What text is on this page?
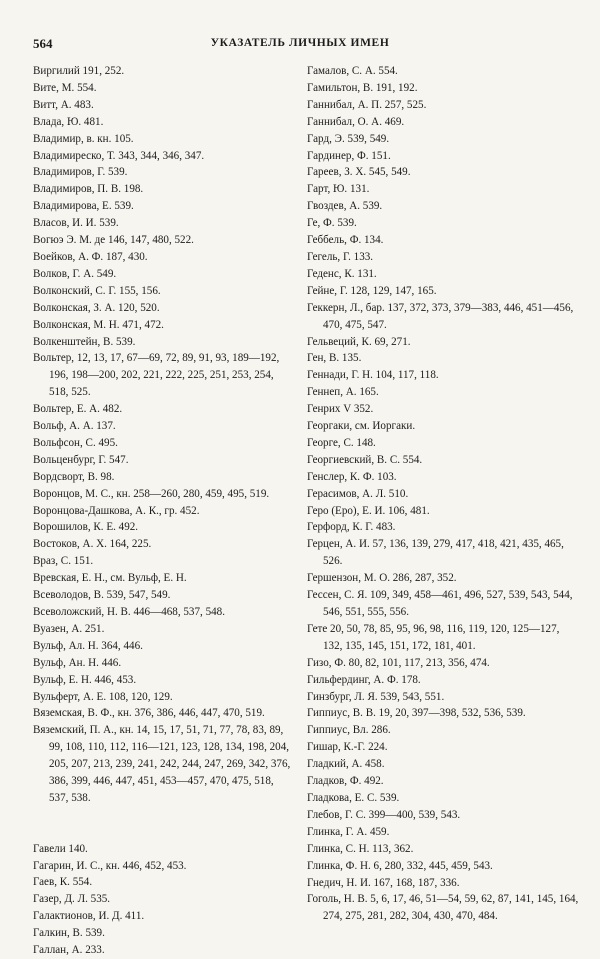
564	УКАЗАТЕЛЬ ЛИЧНЫХ ИМЕН
Виргилий 191, 252.
Вите, М. 554.
Витт, А. 483.
Влада, Ю. 481.
Владимир, в. кн. 105.
Владимиреско, Т. 343, 344, 346, 347.
Владимиров, Г. 539.
Владимиров, П. В. 198.
Владимирова, Е. 539.
Власов, И. И. 539.
Вогюэ Э. М. де 146, 147, 480, 522.
Воейков, А. Ф. 187, 430.
Волков, Г. А. 549.
Волконский, С. Г. 155, 156.
Волконская, З. А. 120, 520.
Волконская, М. Н. 471, 472.
Волкенштейн, В. 539.
Вольтер, 12, 13, 17, 67—69, 72, 89, 91, 93, 189—192, 196, 198—200, 202, 221, 222, 225, 251, 253, 254, 518, 525.
Вольтер, Е. А. 482.
Вольф, А. А. 137.
Вольфсон, С. 495.
Вольценбург, Г. 547.
Вордсворт, В. 98.
Воронцов, М. С., кн. 258—260, 280, 459, 495, 519.
Воронцова-Дашкова, А. К., гр. 452.
Ворошилов, К. Е. 492.
Востоков, А. Х. 164, 225.
Враз, С. 151.
Вревская, Е. Н., см. Вульф, Е. Н.
Всеволодов, В. 539, 547, 549.
Всеволожский, Н. В. 446—468, 537, 548.
Вуазен, А. 251.
Вульф, Ал. Н. 364, 446.
Вульф, Ан. Н. 446.
Вульф, Е. Н. 446, 453.
Вульферт, А. Е. 108, 120, 129.
Вяземская, В. Ф., кн. 376, 386, 446, 447, 470, 519.
Вяземский, П. А., кн. 14, 15, 17, 51, 71, 77, 78, 83, 89, 99, 108, 110, 112, 116—121, 123, 128, 134, 198, 204, 205, 207, 213, 239, 241, 242, 244, 247, 269, 342, 376, 386, 399, 446, 447, 451, 453—457, 470, 475, 518, 537, 538.
Гавели 140.
Гагарин, И. С., кн. 446, 452, 453.
Гаев, К. 554.
Газер, Д. Л. 535.
Галактионов, И. Д. 411.
Галкин, В. 539.
Галлан, А. 233.
Гамалов, С. А. 554.
Гамильтон, В. 191, 192.
Ганнибал, А. П. 257, 525.
Ганнибал, О. А. 469.
Гард, Э. 539, 549.
Гардинер, Ф. 151.
Гареев, З. Х. 545, 549.
Гарт, Ю. 131.
Гвоздев, А. 539.
Ге, Ф. 539.
Геббель, Ф. 134.
Гегель, Г. 133.
Геденс, К. 131.
Гейне, Г. 128, 129, 147, 165.
Геккерн, Л., бар. 137, 372, 373, 379—383, 446, 451—456, 470, 475, 547.
Гельвеций, К. 69, 271.
Ген, В. 135.
Геннади, Г. Н. 104, 117, 118.
Геннеп, А. 165.
Генрих V 352.
Георгаки, см. Иоргаки.
Георге, С. 148.
Георгиевский, В. С. 554.
Генслер, К. Ф. 103.
Герасимов, А. Л. 510.
Геро (Еро), Е. И. 106, 481.
Герфорд, К. Г. 483.
Герцен, А. И. 57, 136, 139, 279, 417, 418, 421, 435, 465, 526.
Гершензон, М. О. 286, 287, 352.
Гессен, С. Я. 109, 349, 458—461, 496, 527, 539, 543, 544, 546, 551, 555, 556.
Гете 20, 50, 78, 85, 95, 96, 98, 116, 119, 120, 125—127, 132, 135, 145, 151, 172, 181, 401.
Гизо, Ф. 80, 82, 101, 117, 213, 356, 474.
Гильфердинг, А. Ф. 178.
Гинзбург, Л. Я. 539, 543, 551.
Гиппиус, В. В. 19, 20, 397—398, 532, 536, 539.
Гиппиус, Вл. 286.
Гишар, К.-Г. 224.
Гладкий, А. 458.
Гладков, Ф. 492.
Гладкова, Е. С. 539.
Глебов, Г. С. 399—400, 539, 543.
Глинка, Г. А. 459.
Глинка, С. Н. 113, 362.
Глинка, Ф. Н. 6, 280, 332, 445, 459, 543.
Гнедич, Н. И. 167, 168, 187, 336.
Гоголь, Н. В. 5, 6, 17, 46, 51—54, 59, 62, 87, 141, 145, 164, 274, 275, 281, 282, 304, 430, 470, 484.
